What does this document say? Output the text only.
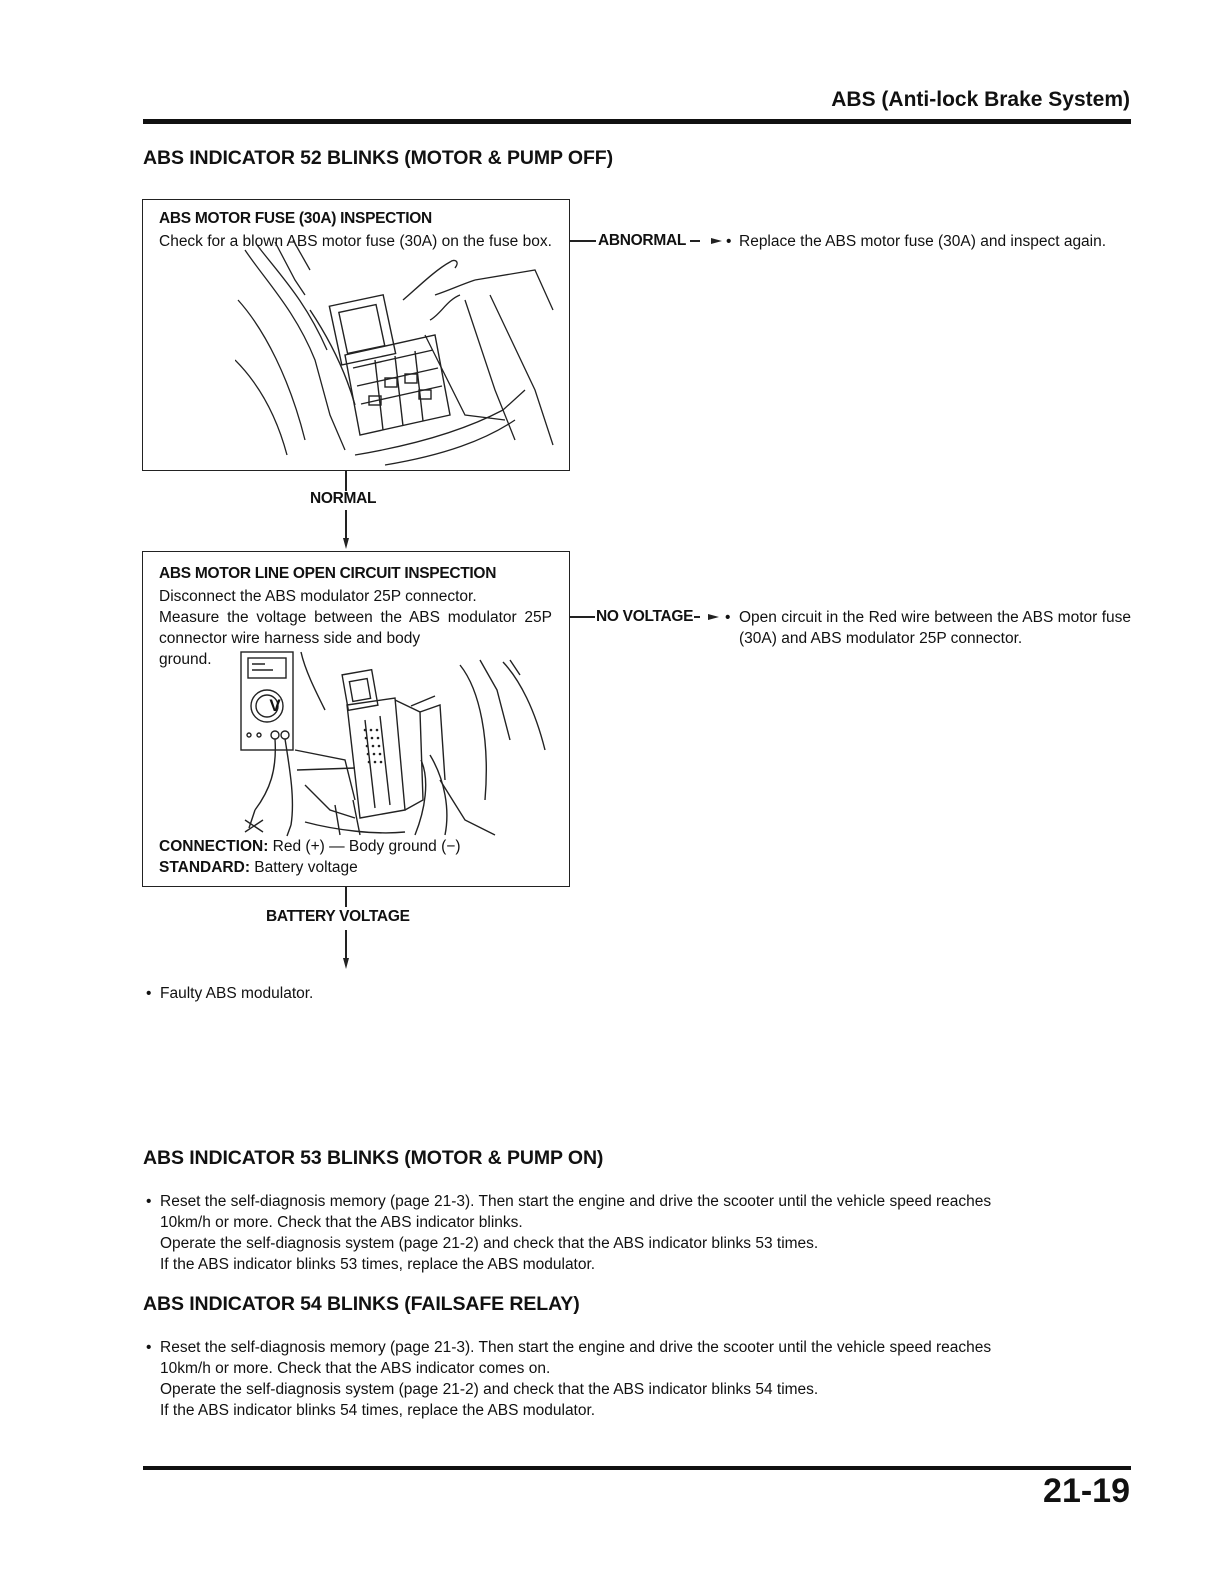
ABS (Anti-lock Brake System)
ABS INDICATOR 52 BLINKS (MOTOR & PUMP OFF)
ABS MOTOR FUSE (30A) INSPECTION
Check for a blown ABS motor fuse (30A) on the fuse box.	ABNORMAL	• Replace the ABS motor fuse (30A) and inspect again.
NORMAL
ABS MOTOR LINE OPEN CIRCUIT INSPECTION
Disconnect the ABS modulator 25P connector.
Measure the voltage between the ABS modulator 25P connector wire harness side and body
ground.
V
CONNECTION: Red (+) — Body ground (−)
STANDARD: Battery voltage
NO VOLTAGE • Open circuit in the Red wire between the ABS motor fuse (30A) and ABS modulator 25P connector.
BATTERY VOLTAGE
• Faulty ABS modulator.
ABS INDICATOR 53 BLINKS (MOTOR & PUMP ON)
• Reset the self-diagnosis memory (page 21-3). Then start the engine and drive the scooter until the vehicle speed reaches
10km/h or more. Check that the ABS indicator blinks.
Operate the self-diagnosis system (page 21-2) and check that the ABS indicator blinks 53 times.
If the ABS indicator blinks 53 times, replace the ABS modulator.
ABS INDICATOR 54 BLINKS (FAILSAFE RELAY)
• Reset the self-diagnosis memory (page 21-3). Then start the engine and drive the scooter until the vehicle speed reaches
10km/h or more. Check that the ABS indicator comes on.
Operate the self-diagnosis system (page 21-2) and check that the ABS indicator blinks 54 times.
If the ABS indicator blinks 54 times, replace the ABS modulator.
21-19
